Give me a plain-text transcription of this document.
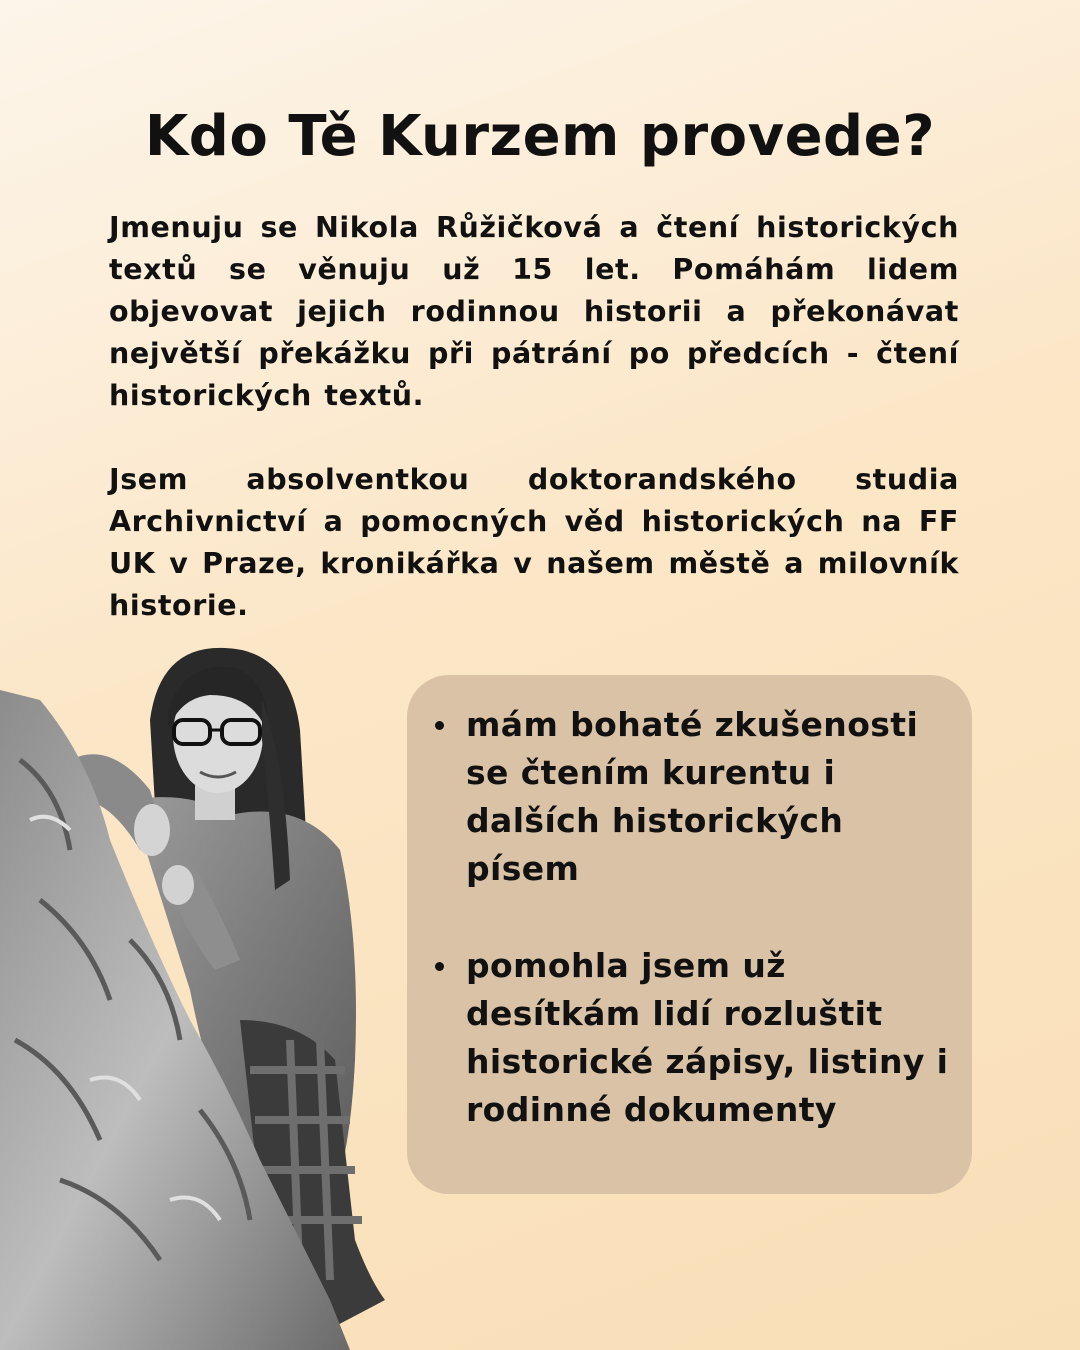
Kdo Tě Kurzem provede?

Jmenuju se Nikola Růžičková a čtení historických textů se věnuju už 15 let. Pomáhám lidem objevovat jejich rodinnou historii a překonávat největší překážku při pátrání po předcích - čtení historických textů.

Jsem absolventkou doktorandského studia Archivnictví a pomocných věd historických na FF UK v Praze, kronikářka v našem městě a milovník historie.

mám bohaté zkušenosti se čtením kurentu i dalších historických písem
pomohla jsem už desítkám lidí rozluštit historické zápisy, listiny i rodinné dokumenty
